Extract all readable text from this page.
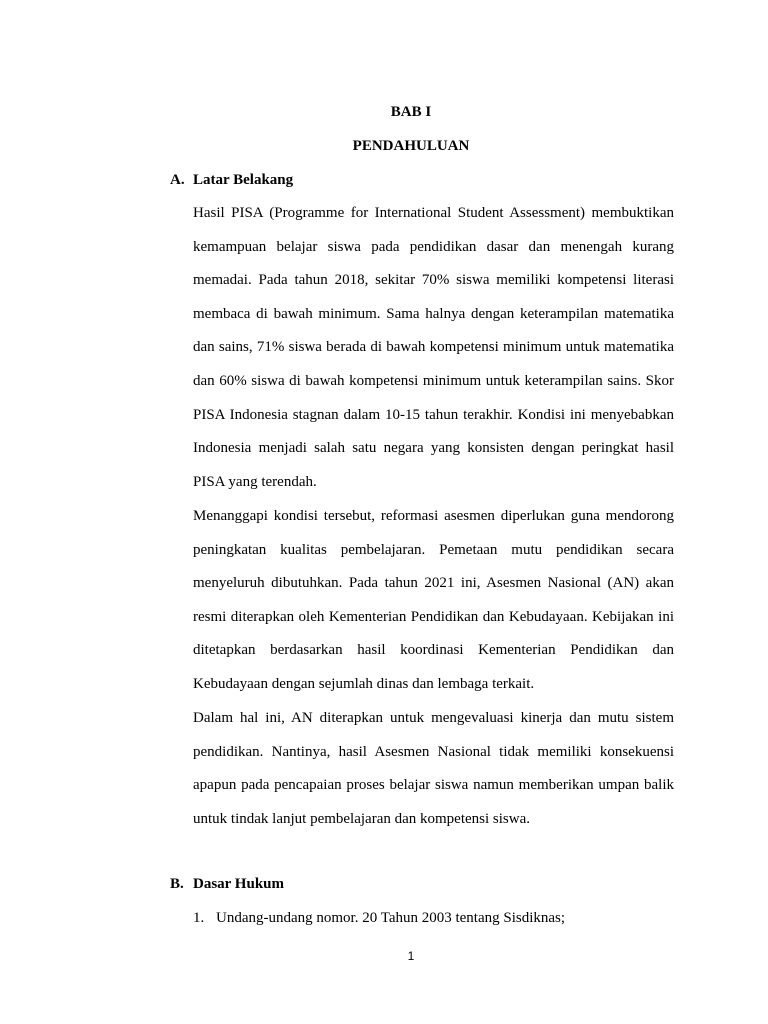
BAB I
PENDAHULUAN
A. Latar Belakang

Hasil PISA (Programme for International Student Assessment) membuktikan kemampuan belajar siswa pada pendidikan dasar dan menengah kurang memadai. Pada tahun 2018, sekitar 70% siswa memiliki kompetensi literasi membaca di bawah minimum. Sama halnya dengan keterampilan matematika dan sains, 71% siswa berada di bawah kompetensi minimum untuk matematika dan 60% siswa di bawah kompetensi minimum untuk keterampilan sains. Skor PISA Indonesia stagnan dalam 10-15 tahun terakhir. Kondisi ini menyebabkan Indonesia menjadi salah satu negara yang konsisten dengan peringkat hasil PISA yang terendah.

Menanggapi kondisi tersebut, reformasi asesmen diperlukan guna mendorong peningkatan kualitas pembelajaran. Pemetaan mutu pendidikan secara menyeluruh dibutuhkan. Pada tahun 2021 ini, Asesmen Nasional (AN) akan resmi diterapkan oleh Kementerian Pendidikan dan Kebudayaan. Kebijakan ini ditetapkan berdasarkan hasil koordinasi Kementerian Pendidikan dan Kebudayaan dengan sejumlah dinas dan lembaga terkait.

Dalam hal ini, AN diterapkan untuk mengevaluasi kinerja dan mutu sistem pendidikan. Nantinya, hasil Asesmen Nasional tidak memiliki konsekuensi apapun pada pencapaian proses belajar siswa namun memberikan umpan balik untuk tindak lanjut pembelajaran dan kompetensi siswa.

B. Dasar Hukum
1. Undang-undang nomor. 20 Tahun 2003 tentang Sisdiknas;
1
